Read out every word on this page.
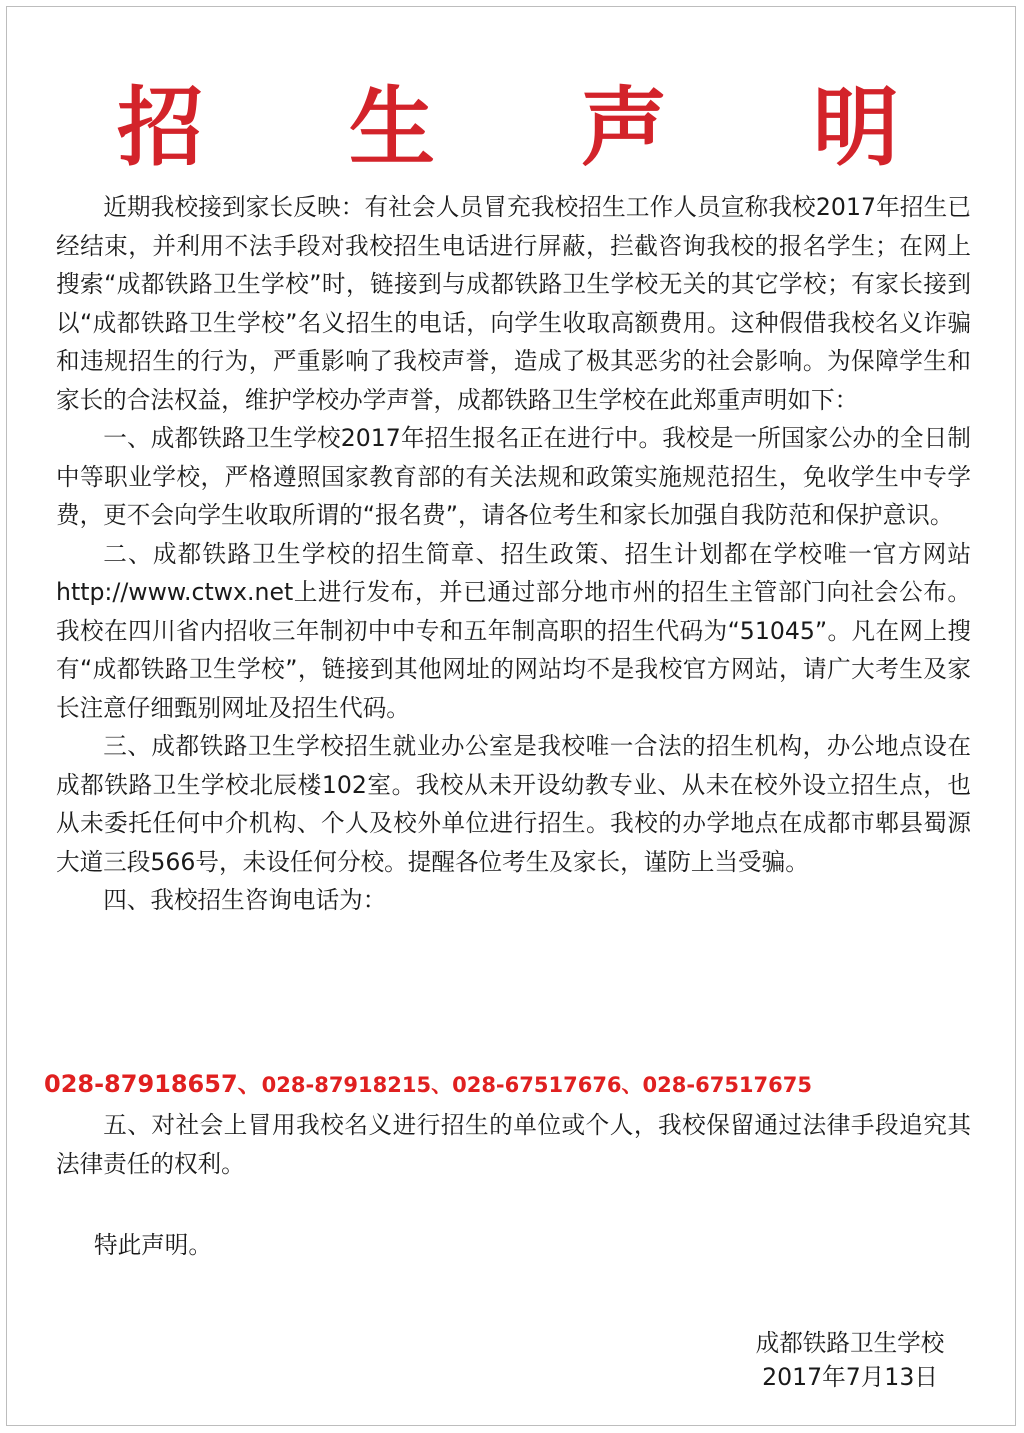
招 生 声 明

近期我校接到家长反映：有社会人员冒充我校招生工作人员宣称我校2017年招生已经结束，并利用不法手段对我校招生电话进行屏蔽，拦截咨询我校的报名学生；在网上搜索“成都铁路卫生学校”时，链接到与成都铁路卫生学校无关的其它学校；有家长接到以“成都铁路卫生学校”名义招生的电话，向学生收取高额费用。这种假借我校名义诈骗和违规招生的行为，严重影响了我校声誉，造成了极其恶劣的社会影响。为保障学生和家长的合法权益，维护学校办学声誉，成都铁路卫生学校在此郑重声明如下：

一、成都铁路卫生学校2017年招生报名正在进行中。我校是一所国家公办的全日制中等职业学校，严格遵照国家教育部的有关法规和政策实施规范招生，免收学生中专学费，更不会向学生收取所谓的“报名费”，请各位考生和家长加强自我防范和保护意识。

二、成都铁路卫生学校的招生简章、招生政策、招生计划都在学校唯一官方网站http://www.ctwx.net上进行发布，并已通过部分地市州的招生主管部门向社会公布。我校在四川省内招收三年制初中中专和五年制高职的招生代码为“51045”。凡在网上搜有“成都铁路卫生学校”，链接到其他网址的网站均不是我校官方网站，请广大考生及家长注意仔细甄别网址及招生代码。

三、成都铁路卫生学校招生就业办公室是我校唯一合法的招生机构，办公地点设在成都铁路卫生学校北辰楼102室。我校从未开设幼教专业、从未在校外设立招生点，也从未委托任何中介机构、个人及校外单位进行招生。我校的办学地点在成都市郫县蜀源大道三段566号，未设任何分校。提醒各位考生及家长，谨防上当受骗。

四、我校招生咨询电话为：

028-87918657、028-87918215、028-67517676、028-67517675

五、对社会上冒用我校名义进行招生的单位或个人，我校保留通过法律手段追究其法律责任的权利。

特此声明。
成都铁路卫生学校
2017年7月13日
